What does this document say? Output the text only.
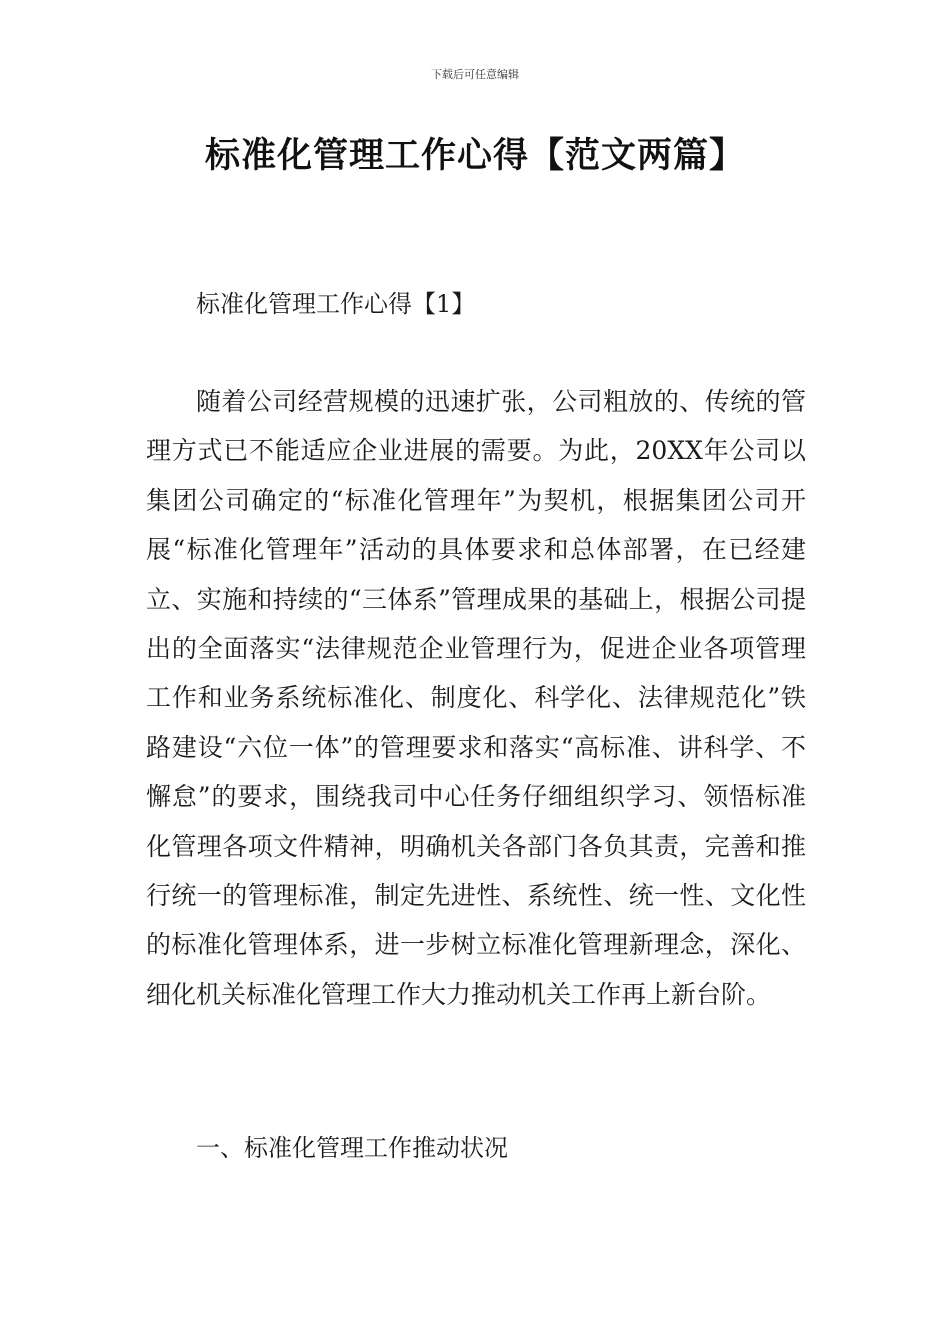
下载后可任意编辑
标准化管理工作心得【范文两篇】
标准化管理工作心得【1】

随着公司经营规模的迅速扩张，公司粗放的、传统的管理方式已不能适应企业进展的需要。为此，20XX年公司以集团公司确定的“标准化管理年”为契机，根据集团公司开展“标准化管理年”活动的具体要求和总体部署，在已经建立、实施和持续的“三体系”管理成果的基础上，根据公司提出的全面落实“法律规范企业管理行为，促进企业各项管理工作和业务系统标准化、制度化、科学化、法律规范化”铁路建设“六位一体”的管理要求和落实“高标准、讲科学、不懈怠”的要求，围绕我司中心任务仔细组织学习、领悟标准化管理各项文件精神，明确机关各部门各负其责，完善和推行统一的管理标准，制定先进性、系统性、统一性、文化性的标准化管理体系，进一步树立标准化管理新理念，深化、细化机关标准化管理工作大力推动机关工作再上新台阶。

一、标准化管理工作推动状况
